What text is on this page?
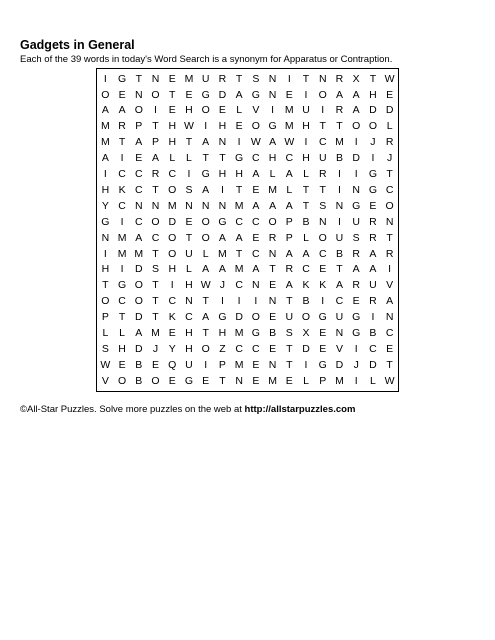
Gadgets in General
Each of the 39 words in today's Word Search is a synonym for Apparatus or Contraption.
I	G T N E M U R T S N	I	T N R X T W
O E N O T E G D A G N E	I	O A A H E
A A O	I	E H O E L V	I	M U	I	R A D D
M R P T H W I	H E O G M H T T O O L
M T A P H T A N	I W A W I	C M	I	J R
A	I	E A L	L	T T G C H C H U B D	I	J
I	C C R C	I	G H H A L A L R	I	I	G T
H K C T O S A	I	T E M L	T T	I	N G C
Y C N N M N N N M A A A T S N G E O
G	I	C O D E O G C C O P B N	I	U R N
N M A C O T O A A E R P L O U S R T
I	M M T O U L M T C N A A C B R A R
H	I	D S H L A A M A T R C E T A A	I
T G O T	I	H W J C N E A K K A R U V
O C O T C N T	I	I	I	N T B	I	C E R A
P T D T K C A G D O E U O G U G	I	N
L	L A M E H T H M G B S X E N G B C
S H D J	Y H O Z C C E T D E V	I	C E
W E B E Q U	I	P M E N T	I	G D J D T
V O B O E G E T N E M E L P M	I	L W
©All-Star Puzzles. Solve more puzzles on the web at http://allstarpuzzles.com
